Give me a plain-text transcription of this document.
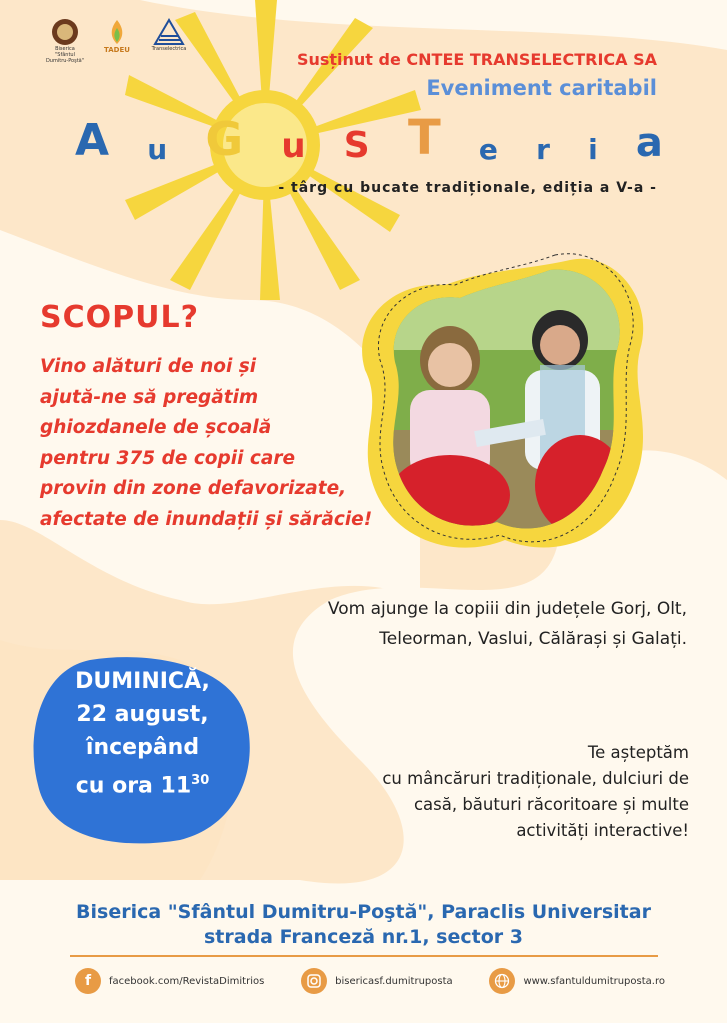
Biserica "Sfântul Dumitru-Poştă"
TADEU	Transelectrica
Susținut de CNTEE TRANSELECTRICA SA
Eveniment caritabil
A u G u S T e r i a
- târg cu bucate tradiționale, ediția a V-a -
SCOPUL?
Vino alături de noi și
ajută-ne să pregătim
ghiozdanele de școală
pentru 375 de copii care
provin din zone defavorizate,
afectate de inundații și sărăcie!
Vom ajunge la copiii din județele Gorj, Olt,
Teleorman, Vaslui, Călărași și Galați.
DUMINICĂ,
22 august,
începând
cu ora $11^{30}$
Te așteptăm
cu mâncăruri tradiționale, dulciuri de
casă, băuturi răcoritoare și multe
activități interactive!
Biserica "Sfântul Dumitru-Poştă", Paraclis Universitar
strada Franceză nr.1, sector 3
f	facebook.com/RevistaDimitrios	bisericasf.dumitruposta	www.sfantuldumitruposta.ro
